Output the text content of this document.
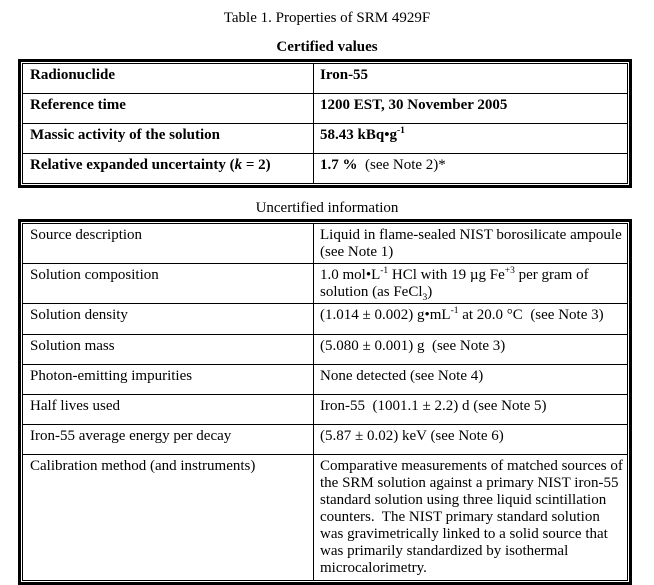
Table 1. Properties of SRM 4929F
Certified values
Radionuclide	Iron-55
Reference time	1200 EST, 30 November 2005
Massic activity of the solution	58.43 $kBq•g^{-1}$
Relative expanded uncertainty (k = 2)	1.7 %  (see Note 2)*
Uncertified information
Source description	Liquid in flame-sealed NIST borosilicate ampoule (see Note 1)
Solution composition	1.0 $mol•L^{-1}$ HCl with 19 µg $Fe^{+3}$ per gram of solution (as FeCl$_3$)
Solution density	(1.014 ± 0.002) $g•mL^{-1}$ at 20.0 °C  (see Note 3)
Solution mass	(5.080 ± 0.001) g  (see Note 3)
Photon-emitting impurities	None detected (see Note 4)
Half lives used	Iron-55  (1001.1 ± 2.2) d (see Note 5)
Iron-55 average energy per decay	(5.87 ± 0.02) keV (see Note 6)
Calibration method (and instruments)	Comparative measurements of matched sources of the SRM solution against a primary NIST iron-55 standard solution using three liquid scintillation counters.  The NIST primary standard solution was gravimetrically linked to a solid source that was primarily standardized by isothermal microcalorimetry.
